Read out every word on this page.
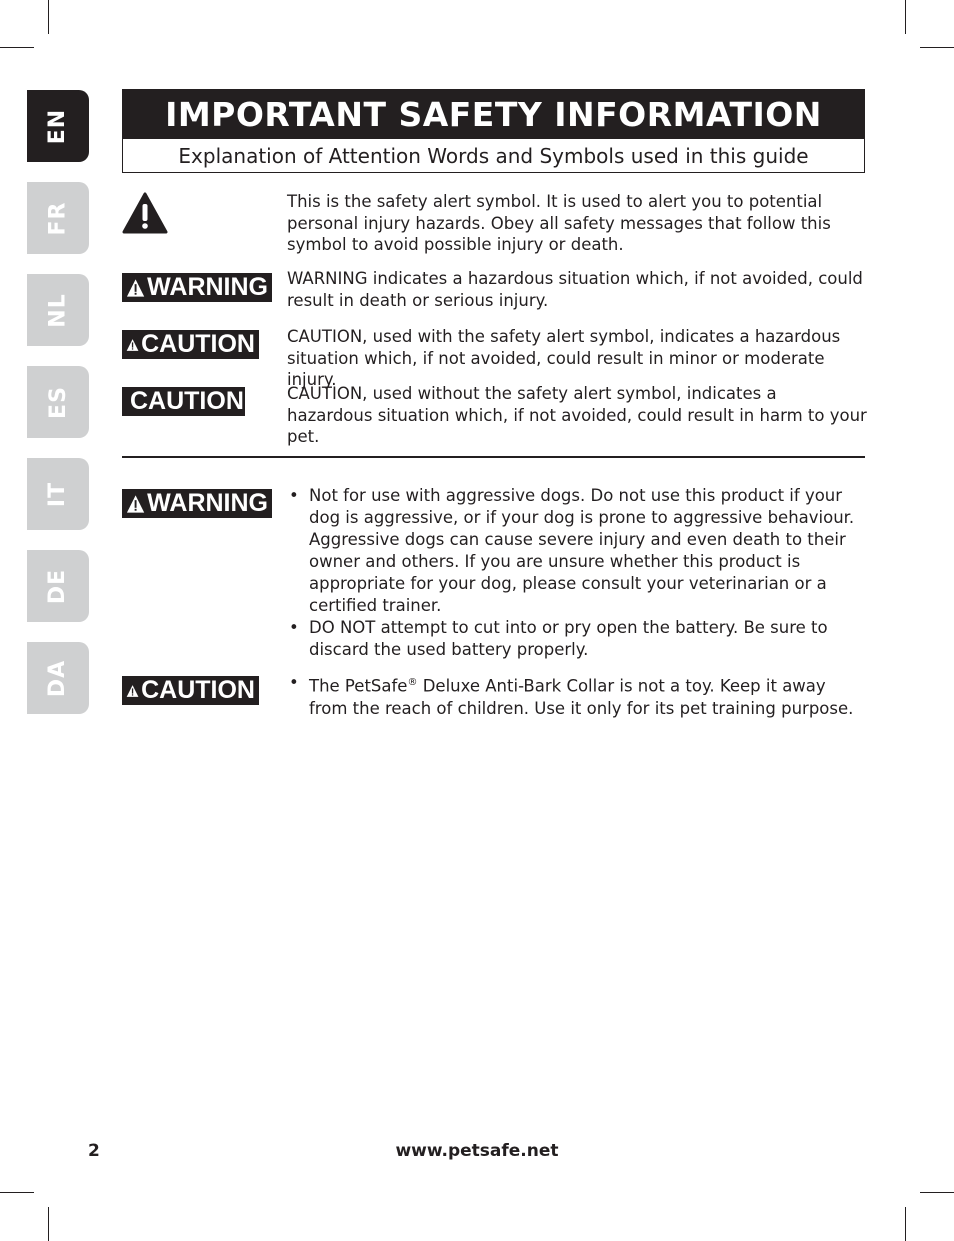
EN
FR
NL
ES
IT
DE
DA
IMPORTANT SAFETY INFORMATION
Explanation of Attention Words and Symbols used in this guide
This is the safety alert symbol. It is used to alert you to potential personal injury hazards. Obey all safety messages that follow this symbol to avoid possible injury or death.
WARNING WARNING indicates a hazardous situation which, if not avoided, could result in death or serious injury.
CAUTION CAUTION, used with the safety alert symbol, indicates a hazardous situation which, if not avoided, could result in minor or moderate injury.
CAUTION	CAUTION, used without the safety alert symbol, indicates a hazardous situation which, if not avoided, could result in harm to your pet.
WARNING	• Not for use with aggressive dogs. Do not use this product if your dog is aggressive, or if your dog is prone to aggressive behaviour. Aggressive dogs can cause severe injury and even death to their owner and others. If you are unsure whether this product is appropriate for your dog, please consult your veterinarian or a certified trainer.
• DO NOT attempt to cut into or pry open the battery. Be sure to discard the used battery properly.
CAUTION	• The PetSafe® Deluxe Anti-Bark Collar is not a toy. Keep it away from the reach of children. Use it only for its pet training purpose.
2	www.petsafe.net
